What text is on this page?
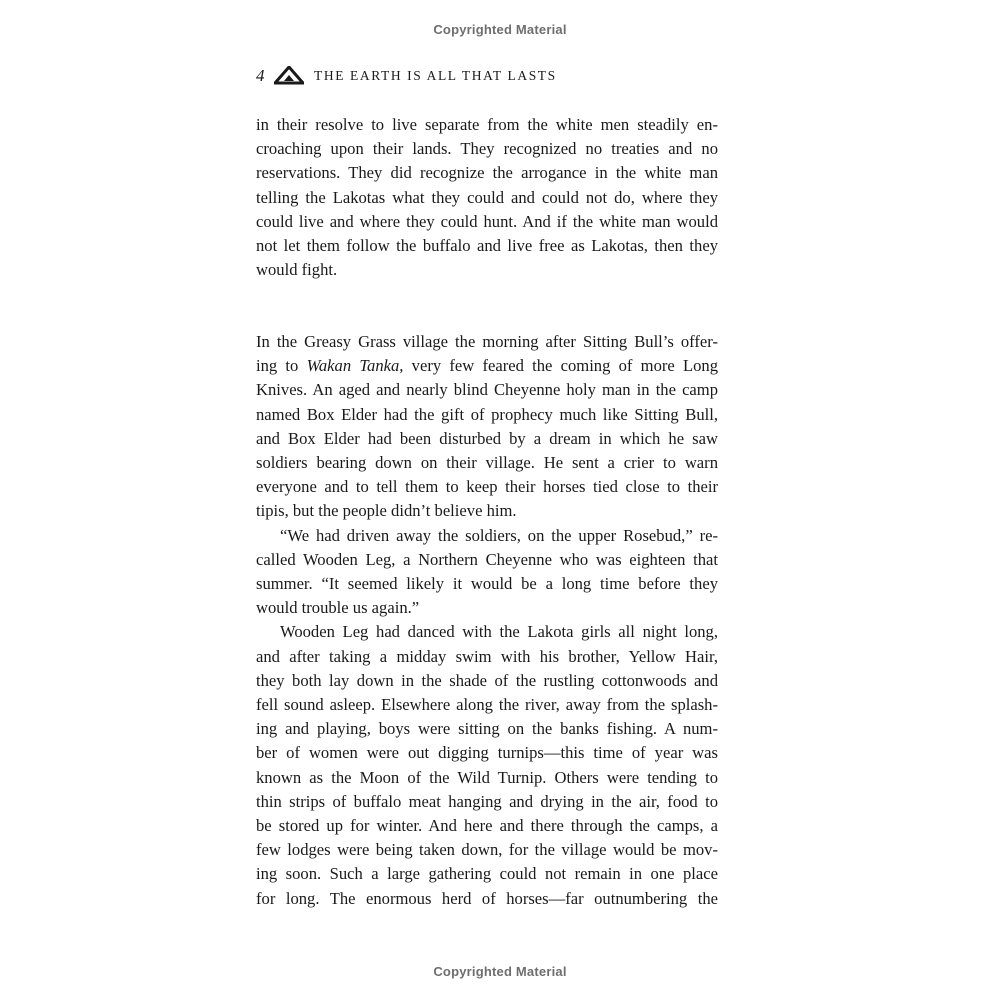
Copyrighted Material
4	THE EARTH IS ALL THAT LASTS
in their resolve to live separate from the white men steadily en-
croaching upon their lands. They recognized no treaties and no
reservations. They did recognize the arrogance in the white man
telling the Lakotas what they could and could not do, where they
could live and where they could hunt. And if the white man would
not let them follow the buffalo and live free as Lakotas, then they
would fight.
In the Greasy Grass village the morning after Sitting Bull’s offer-
ing to Wakan Tanka, very few feared the coming of more Long
Knives. An aged and nearly blind Cheyenne holy man in the camp
named Box Elder had the gift of prophecy much like Sitting Bull,
and Box Elder had been disturbed by a dream in which he saw
soldiers bearing down on their village. He sent a crier to warn
everyone and to tell them to keep their horses tied close to their
tipis, but the people didn’t believe him.
“We had driven away the soldiers, on the upper Rosebud,” re-
called Wooden Leg, a Northern Cheyenne who was eighteen that
summer. “It seemed likely it would be a long time before they
would trouble us again.”
Wooden Leg had danced with the Lakota girls all night long,
and after taking a midday swim with his brother, Yellow Hair,
they both lay down in the shade of the rustling cottonwoods and
fell sound asleep. Elsewhere along the river, away from the splash-
ing and playing, boys were sitting on the banks fishing. A num-
ber of women were out digging turnips—this time of year was
known as the Moon of the Wild Turnip. Others were tending to
thin strips of buffalo meat hanging and drying in the air, food to
be stored up for winter. And here and there through the camps, a
few lodges were being taken down, for the village would be mov-
ing soon. Such a large gathering could not remain in one place
for long. The enormous herd of horses—far outnumbering the
Copyrighted Material
